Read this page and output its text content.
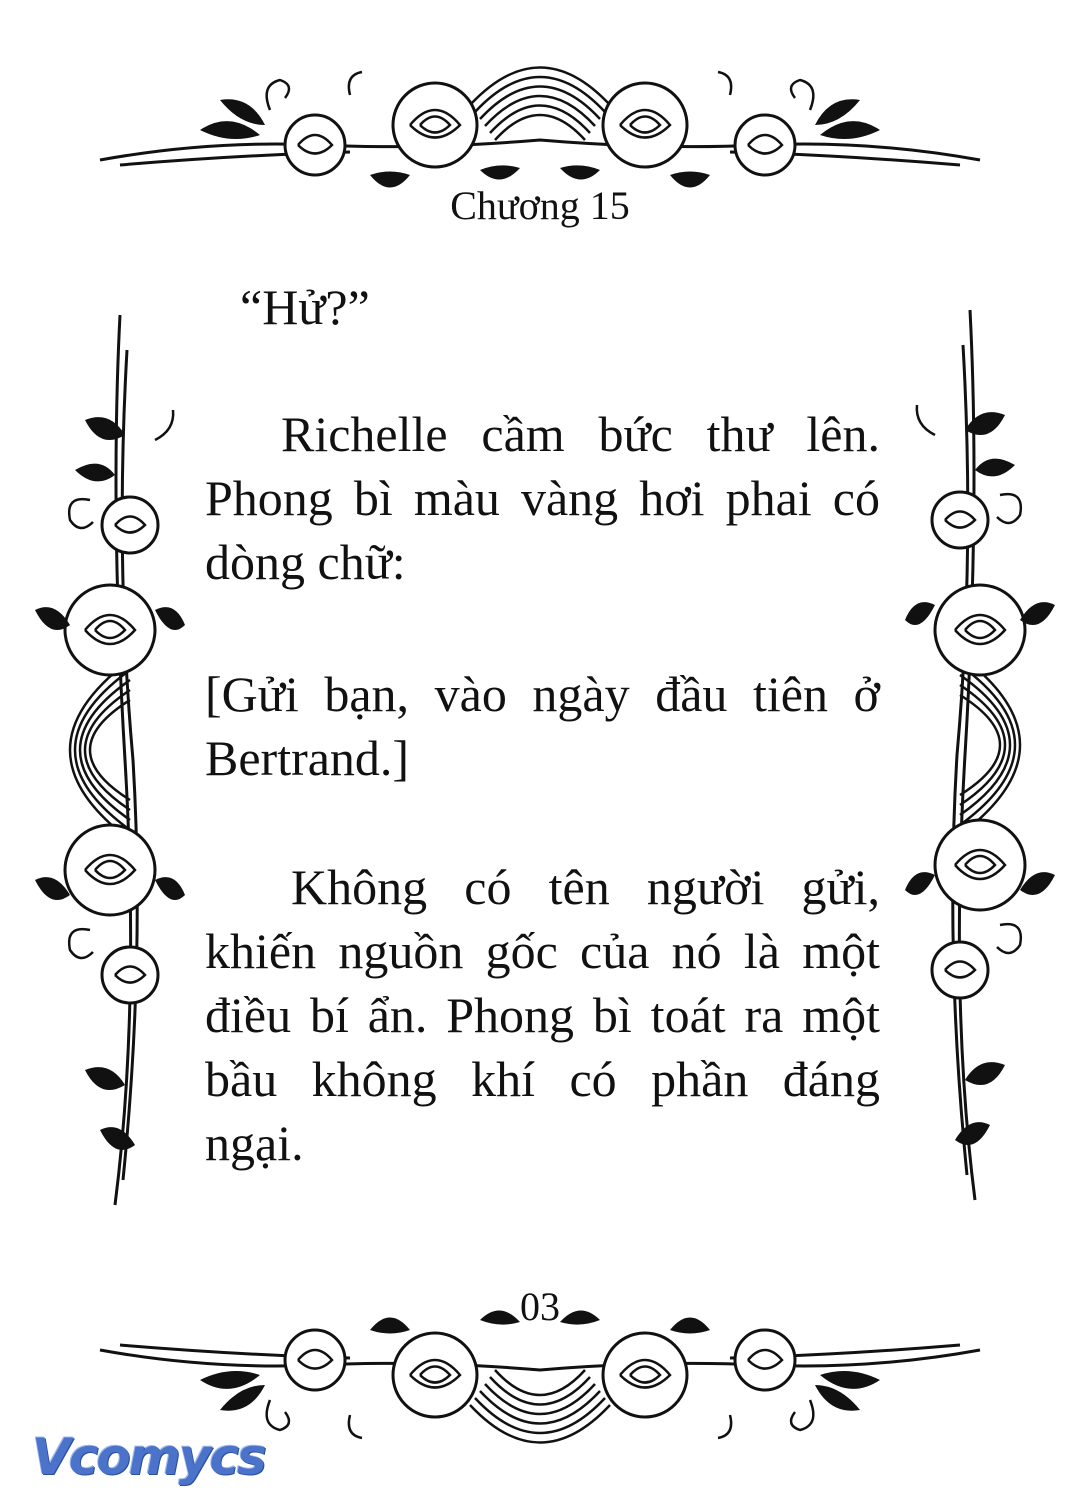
Chương 15
“Hử?”
Richelle cầm bức thư lên. Phong bì màu vàng hơi phai có dòng chữ:
[Gửi bạn, vào ngày đầu tiên ở Bertrand.]
Không có tên người gửi, khiến nguồn gốc của nó là một điều bí ẩn. Phong bì toát ra một bầu không khí có phần đáng ngại.
03
Vcomycs
